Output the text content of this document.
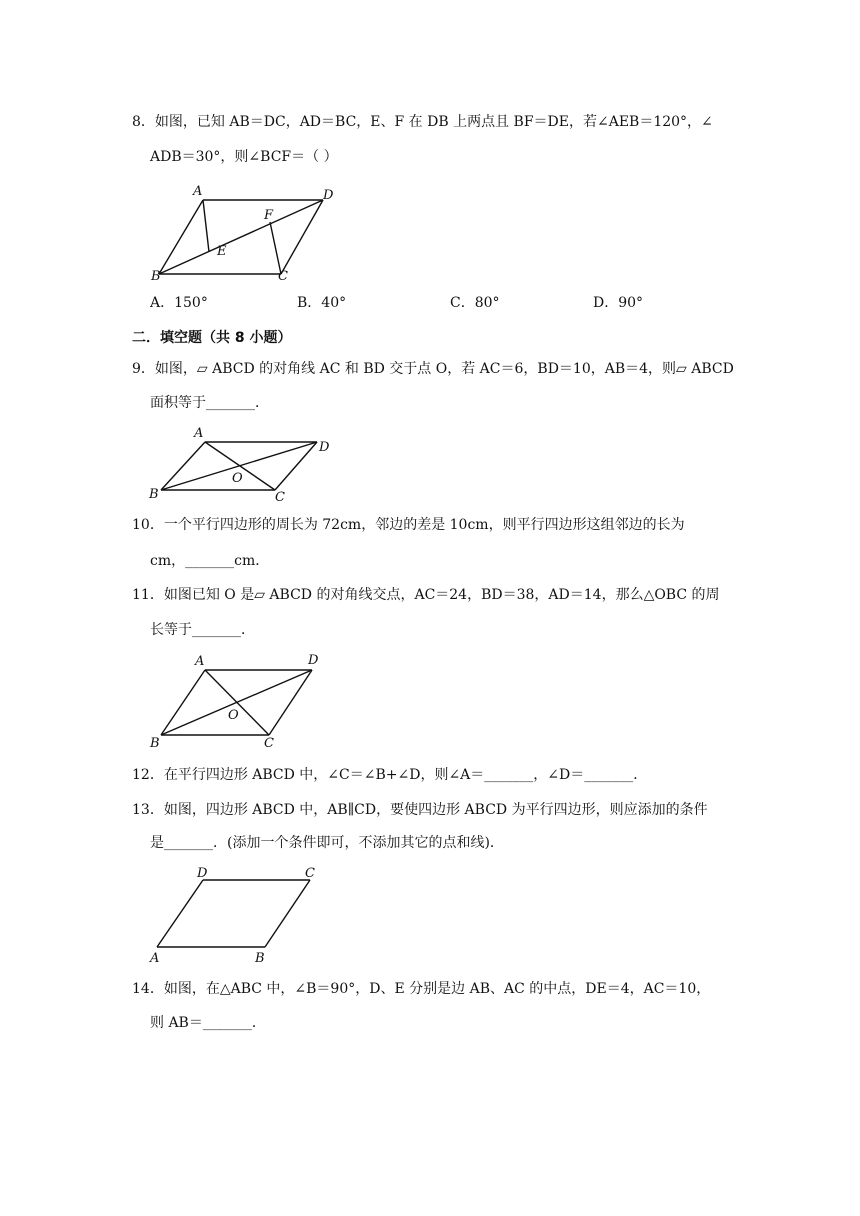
8．如图，已知 AB＝DC，AD＝BC，E、F 在 DB 上两点且 BF＝DE，若∠AEB＝120°，∠
ADB＝30°，则∠BCF＝（ ）
A	D
F
E
B	C
A．150°	B．40°	C．80°	D．90°
二．填空题（共 8 小题）
9．如图，▱ ABCD 的对角线 AC 和 BD 交于点 O，若 AC＝6，BD＝10，AB＝4，则▱ ABCD
面积等于_______．
A
D
O
B	C
10．一个平行四边形的周长为 72cm，邻边的差是 10cm，则平行四边形这组邻边的长为
cm，_______cm．
11．如图已知 O 是▱ ABCD 的对角线交点，AC＝24，BD＝38，AD＝14，那么△OBC 的周
长等于_______．
A	D
O
B	C
12．在平行四边形 ABCD 中，∠C＝∠B+∠D，则∠A＝_______，∠D＝_______．
13．如图，四边形 ABCD 中，AB∥CD，要使四边形 ABCD 为平行四边形，则应添加的条件
是_______．(添加一个条件即可，不添加其它的点和线)．
D	C
A	B
14．如图，在△ABC 中，∠B＝90°，D、E 分别是边 AB、AC 的中点，DE＝4，AC＝10，
则 AB＝_______．
